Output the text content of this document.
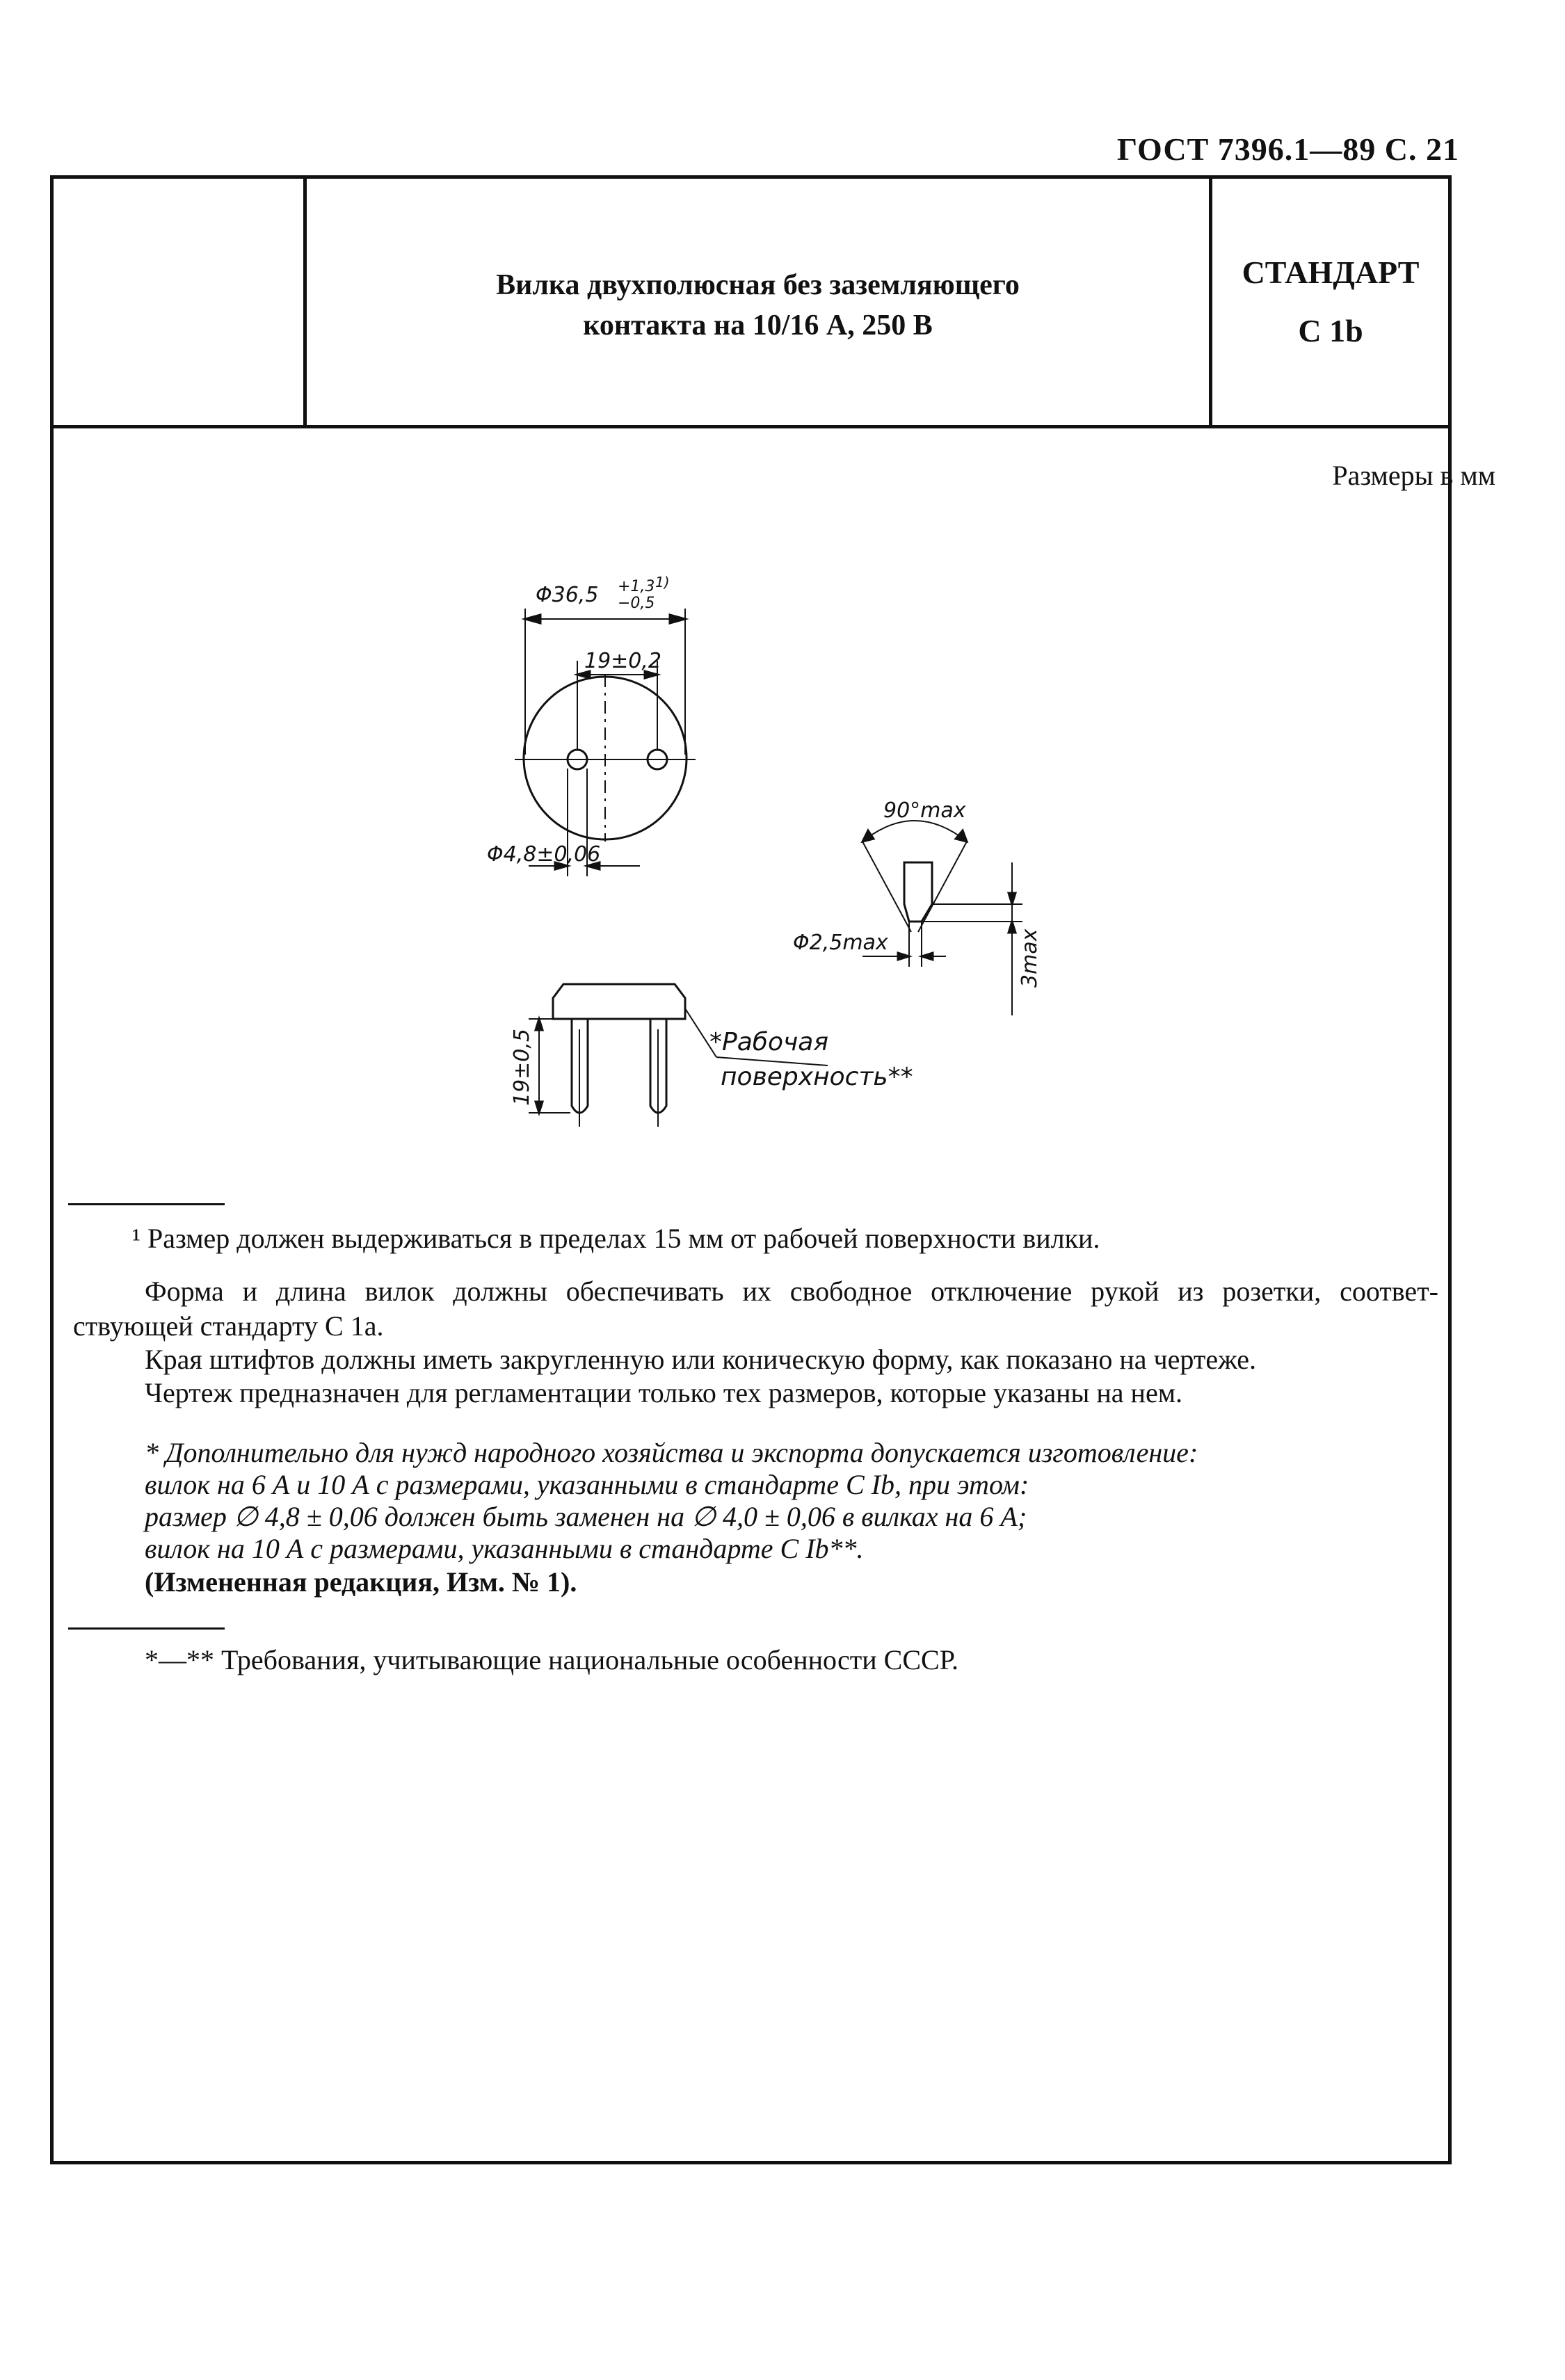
ГОСТ 7396.1—89 С. 21
Вилка двухполюсная без заземляющего
контакта на 10/16 А, 250 В
СТАНДАРТ
C 1b
Размеры в мм
Φ36,5 +1,3
−0,5
1)
19±0,2
Φ4,8±0,06
90°max
Φ2,5max	3max
19±0,5	*Рабочая
поверхность**
¹ Размер должен выдерживаться в пределах 15 мм от рабочей поверхности вилки.
Форма и длина вилок должны обеспечивать их свободное отключение рукой из розетки, соответ-
ствующей стандарту С 1а.
Края штифтов должны иметь закругленную или коническую форму, как показано на чертеже.
Чертеж предназначен для регламентации только тех размеров, которые указаны на нем.
* Дополнительно для нужд народного хозяйства и экспорта допускается изготовление:
вилок на 6 А и 10 А с размерами, указанными в стандарте С Ib, при этом:
размер ∅ 4,8 ± 0,06 должен быть заменен на ∅ 4,0 ± 0,06 в вилках на 6 А;
вилок на 10 А с размерами, указанными в стандарте С Ib**.
(Измененная редакция, Изм. № 1).
*—** Требования, учитывающие национальные особенности СССР.
